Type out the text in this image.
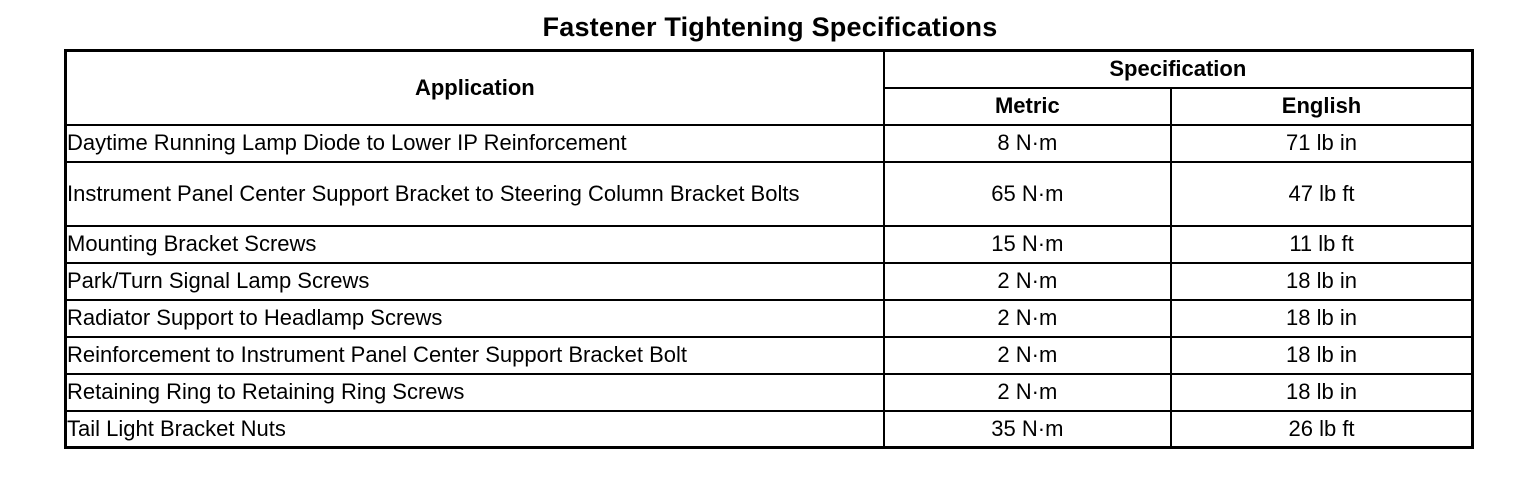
Fastener Tightening Specifications
Application	Specification	
	Metric	English
Daytime Running Lamp Diode to Lower IP Reinforcement	8 N·m	71 lb in
Instrument Panel Center Support Bracket to Steering Column Bracket Bolts	65 N·m	47 lb ft
Mounting Bracket Screws	15 N·m	11 lb ft
Park/Turn Signal Lamp Screws	2 N·m	18 lb in
Radiator Support to Headlamp Screws	2 N·m	18 lb in
Reinforcement to Instrument Panel Center Support Bracket Bolt	2 N·m	18 lb in
Retaining Ring to Retaining Ring Screws	2 N·m	18 lb in
Tail Light Bracket Nuts	35 N·m	26 lb ft
